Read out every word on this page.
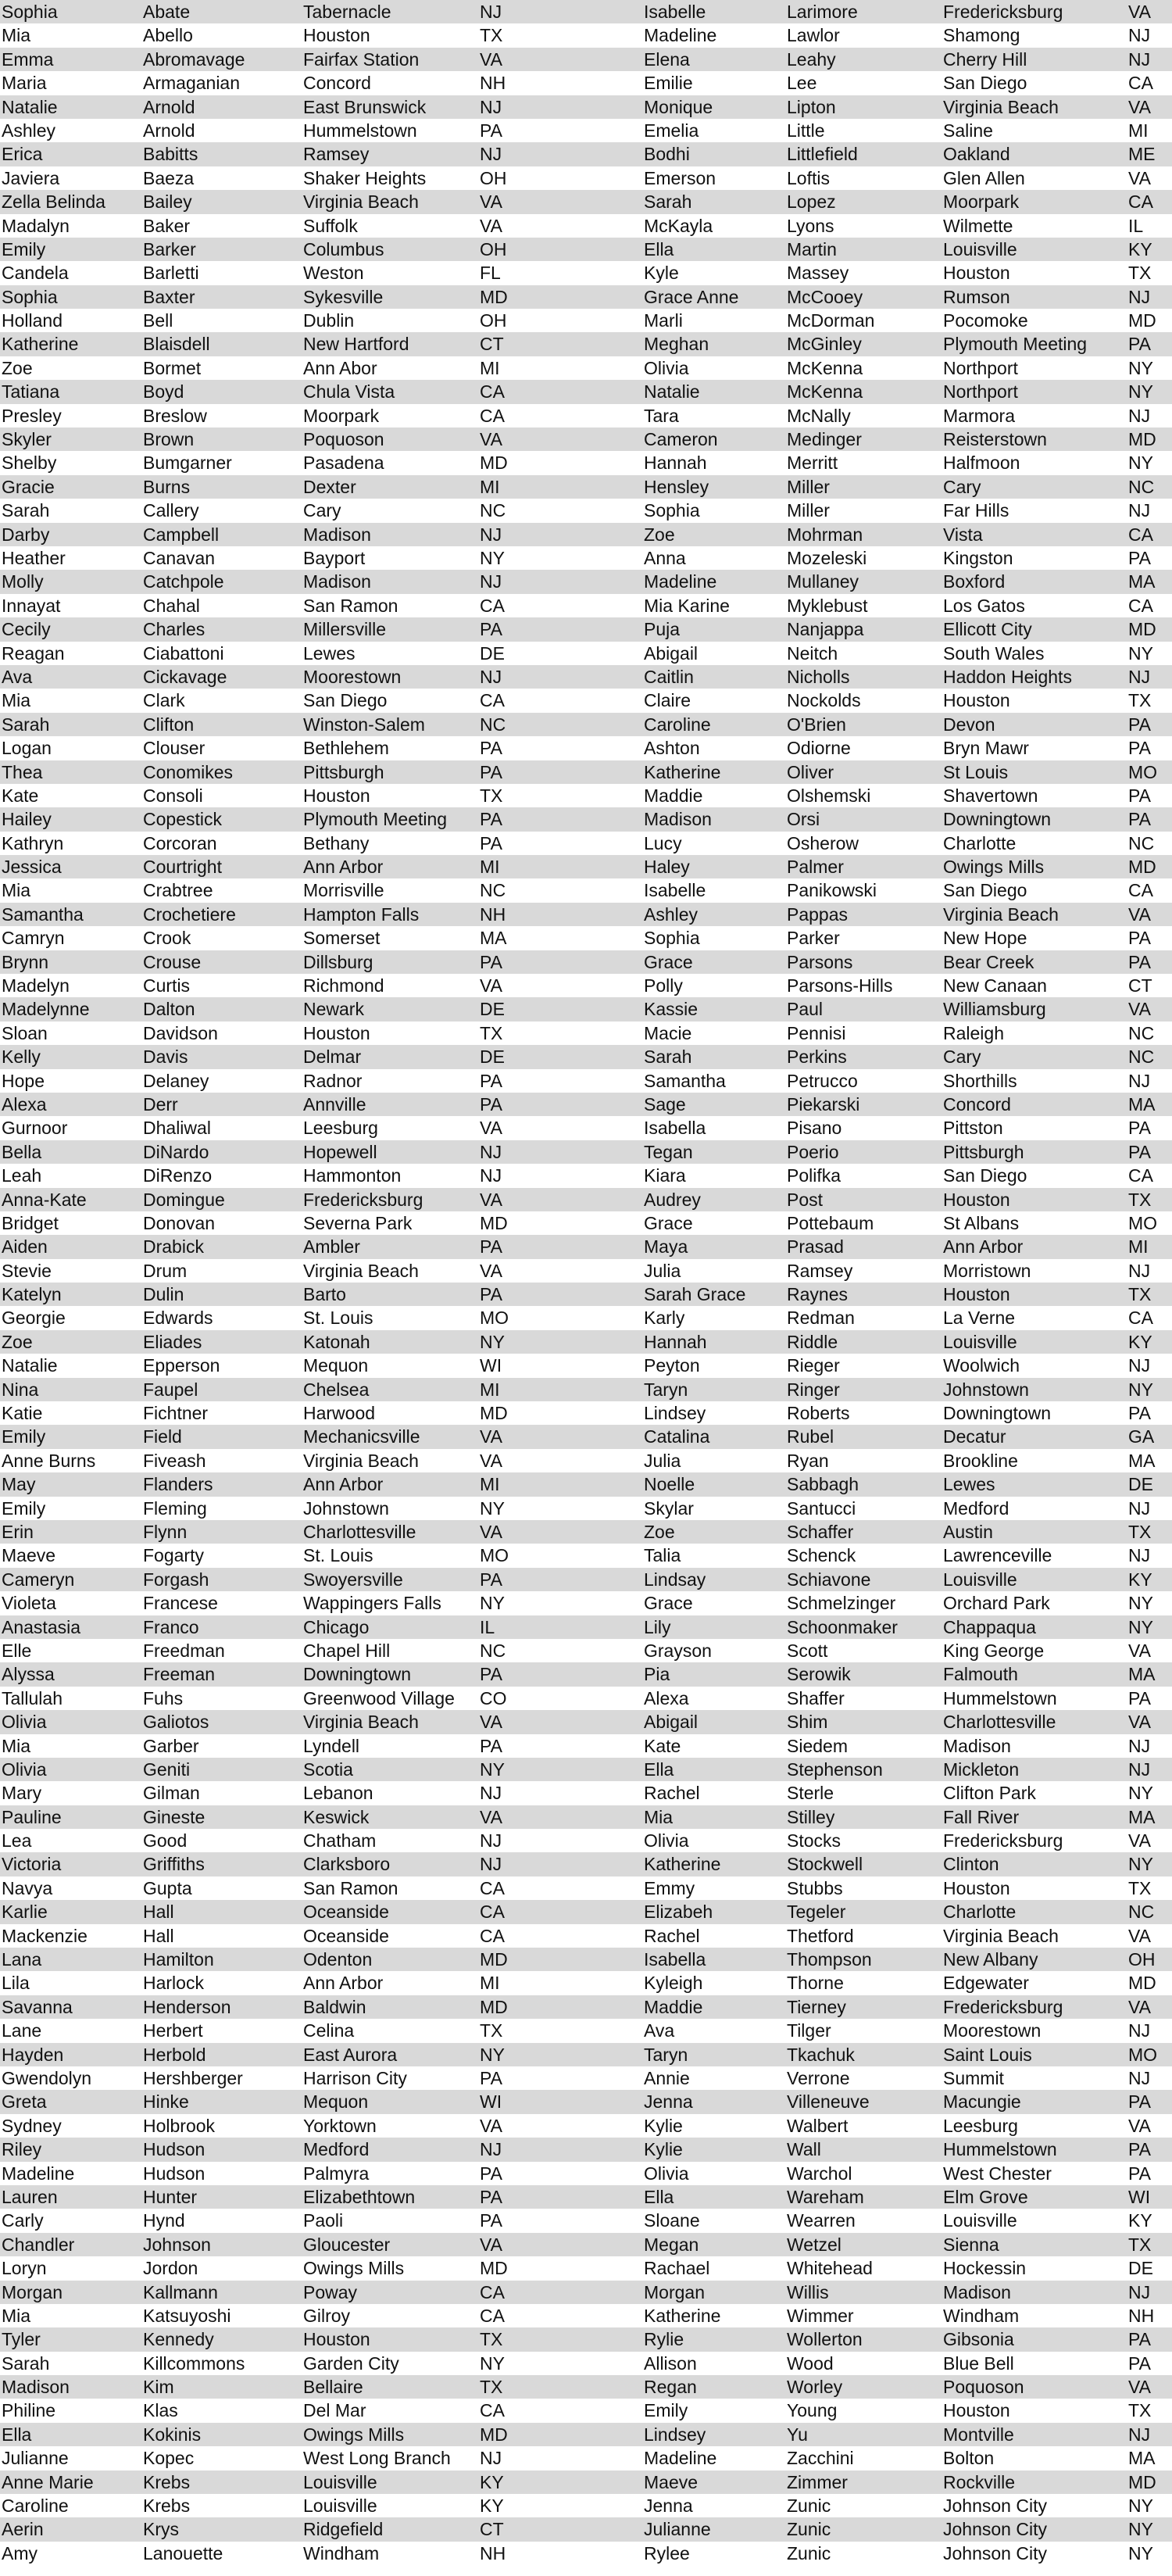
Sophia	Abate	Tabernacle	NJ
Mia	Abello	Houston	TX
Emma	Abromavage	Fairfax Station	VA
Maria	Armaganian	Concord	NH
Natalie	Arnold	East Brunswick	NJ
Ashley	Arnold	Hummelstown	PA
Erica	Babitts	Ramsey	NJ
Javiera	Baeza	Shaker Heights	OH
Zella Belinda	Bailey	Virginia Beach	VA
Madalyn	Baker	Suffolk	VA
Emily	Barker	Columbus	OH
Candela	Barletti	Weston	FL
Sophia	Baxter	Sykesville	MD
Holland	Bell	Dublin	OH
Katherine	Blaisdell	New Hartford	CT
Zoe	Bormet	Ann Abor	MI
Tatiana	Boyd	Chula Vista	CA
Presley	Breslow	Moorpark	CA
Skyler	Brown	Poquoson	VA
Shelby	Bumgarner	Pasadena	MD
Gracie	Burns	Dexter	MI
Sarah	Callery	Cary	NC
Darby	Campbell	Madison	NJ
Heather	Canavan	Bayport	NY
Molly	Catchpole	Madison	NJ
Innayat	Chahal	San Ramon	CA
Cecily	Charles	Millersville	PA
Reagan	Ciabattoni	Lewes	DE
Ava	Cickavage	Moorestown	NJ
Mia	Clark	San Diego	CA
Sarah	Clifton	Winston-Salem	NC
Logan	Clouser	Bethlehem	PA
Thea	Conomikes	Pittsburgh	PA
Kate	Consoli	Houston	TX
Hailey	Copestick	Plymouth Meeting	PA
Kathryn	Corcoran	Bethany	PA
Jessica	Courtright	Ann Arbor	MI
Mia	Crabtree	Morrisville	NC
Samantha	Crochetiere	Hampton Falls	NH
Camryn	Crook	Somerset	MA
Brynn	Crouse	Dillsburg	PA
Madelyn	Curtis	Richmond	VA
Madelynne	Dalton	Newark	DE
Sloan	Davidson	Houston	TX
Kelly	Davis	Delmar	DE
Hope	Delaney	Radnor	PA
Alexa	Derr	Annville	PA
Gurnoor	Dhaliwal	Leesburg	VA
Bella	DiNardo	Hopewell	NJ
Leah	DiRenzo	Hammonton	NJ
Anna-Kate	Domingue	Fredericksburg	VA
Bridget	Donovan	Severna Park	MD
Aiden	Drabick	Ambler	PA
Stevie	Drum	Virginia Beach	VA
Katelyn	Dulin	Barto	PA
Georgie	Edwards	St. Louis	MO
Zoe	Eliades	Katonah	NY
Natalie	Epperson	Mequon	WI
Nina	Faupel	Chelsea	MI
Katie	Fichtner	Harwood	MD
Emily	Field	Mechanicsville	VA
Anne Burns	Fiveash	Virginia Beach	VA
May	Flanders	Ann Arbor	MI
Emily	Fleming	Johnstown	NY
Erin	Flynn	Charlottesville	VA
Maeve	Fogarty	St. Louis	MO
Cameryn	Forgash	Swoyersville	PA
Violeta	Francese	Wappingers Falls	NY
Anastasia	Franco	Chicago	IL
Elle	Freedman	Chapel Hill	NC
Alyssa	Freeman	Downingtown	PA
Tallulah	Fuhs	Greenwood Village	CO
Olivia	Galiotos	Virginia Beach	VA
Mia	Garber	Lyndell	PA
Olivia	Geniti	Scotia	NY
Mary	Gilman	Lebanon	NJ
Pauline	Gineste	Keswick	VA
Lea	Good	Chatham	NJ
Victoria	Griffiths	Clarksboro	NJ
Navya	Gupta	San Ramon	CA
Karlie	Hall	Oceanside	CA
Mackenzie	Hall	Oceanside	CA
Lana	Hamilton	Odenton	MD
Lila	Harlock	Ann Arbor	MI
Savanna	Henderson	Baldwin	MD
Lane	Herbert	Celina	TX
Hayden	Herbold	East Aurora	NY
Gwendolyn	Hershberger	Harrison City	PA
Greta	Hinke	Mequon	WI
Sydney	Holbrook	Yorktown	VA
Riley	Hudson	Medford	NJ
Madeline	Hudson	Palmyra	PA
Lauren	Hunter	Elizabethtown	PA
Carly	Hynd	Paoli	PA
Chandler	Johnson	Gloucester	VA
Loryn	Jordon	Owings Mills	MD
Morgan	Kallmann	Poway	CA
Mia	Katsuyoshi	Gilroy	CA
Tyler	Kennedy	Houston	TX
Sarah	Killcommons	Garden City	NY
Madison	Kim	Bellaire	TX
Philine	Klas	Del Mar	CA
Ella	Kokinis	Owings Mills	MD
Julianne	Kopec	West Long Branch	NJ
Anne Marie	Krebs	Louisville	KY
Caroline	Krebs	Louisville	KY
Aerin	Krys	Ridgefield	CT
Amy	Lanouette	Windham	NH
Isabelle	Larimore	Fredericksburg	VA
Madeline	Lawlor	Shamong	NJ
Elena	Leahy	Cherry Hill	NJ
Emilie	Lee	San Diego	CA
Monique	Lipton	Virginia Beach	VA
Emelia	Little	Saline	MI
Bodhi	Littlefield	Oakland	ME
Emerson	Loftis	Glen Allen	VA
Sarah	Lopez	Moorpark	CA
McKayla	Lyons	Wilmette	IL
Ella	Martin	Louisville	KY
Kyle	Massey	Houston	TX
Grace Anne	McCooey	Rumson	NJ
Marli	McDorman	Pocomoke	MD
Meghan	McGinley	Plymouth Meeting	PA
Olivia	McKenna	Northport	NY
Natalie	McKenna	Northport	NY
Tara	McNally	Marmora	NJ
Cameron	Medinger	Reisterstown	MD
Hannah	Merritt	Halfmoon	NY
Hensley	Miller	Cary	NC
Sophia	Miller	Far Hills	NJ
Zoe	Mohrman	Vista	CA
Anna	Mozeleski	Kingston	PA
Madeline	Mullaney	Boxford	MA
Mia Karine	Myklebust	Los Gatos	CA
Puja	Nanjappa	Ellicott City	MD
Abigail	Neitch	South Wales	NY
Caitlin	Nicholls	Haddon Heights	NJ
Claire	Nockolds	Houston	TX
Caroline	O'Brien	Devon	PA
Ashton	Odiorne	Bryn Mawr	PA
Katherine	Oliver	St Louis	MO
Maddie	Olshemski	Shavertown	PA
Madison	Orsi	Downingtown	PA
Lucy	Osherow	Charlotte	NC
Haley	Palmer	Owings Mills	MD
Isabelle	Panikowski	San Diego	CA
Ashley	Pappas	Virginia Beach	VA
Sophia	Parker	New Hope	PA
Grace	Parsons	Bear Creek	PA
Polly	Parsons-Hills	New Canaan	CT
Kassie	Paul	Williamsburg	VA
Macie	Pennisi	Raleigh	NC
Sarah	Perkins	Cary	NC
Samantha	Petrucco	Shorthills	NJ
Sage	Piekarski	Concord	MA
Isabella	Pisano	Pittston	PA
Tegan	Poerio	Pittsburgh	PA
Kiara	Polifka	San Diego	CA
Audrey	Post	Houston	TX
Grace	Pottebaum	St Albans	MO
Maya	Prasad	Ann Arbor	MI
Julia	Ramsey	Morristown	NJ
Sarah Grace	Raynes	Houston	TX
Karly	Redman	La Verne	CA
Hannah	Riddle	Louisville	KY
Peyton	Rieger	Woolwich	NJ
Taryn	Ringer	Johnstown	NY
Lindsey	Roberts	Downingtown	PA
Catalina	Rubel	Decatur	GA
Julia	Ryan	Brookline	MA
Noelle	Sabbagh	Lewes	DE
Skylar	Santucci	Medford	NJ
Zoe	Schaffer	Austin	TX
Talia	Schenck	Lawrenceville	NJ
Lindsay	Schiavone	Louisville	KY
Grace	Schmelzinger	Orchard Park	NY
Lily	Schoonmaker	Chappaqua	NY
Grayson	Scott	King George	VA
Pia	Serowik	Falmouth	MA
Alexa	Shaffer	Hummelstown	PA
Abigail	Shim	Charlottesville	VA
Kate	Siedem	Madison	NJ
Ella	Stephenson	Mickleton	NJ
Rachel	Sterle	Clifton Park	NY
Mia	Stilley	Fall River	MA
Olivia	Stocks	Fredericksburg	VA
Katherine	Stockwell	Clinton	NY
Emmy	Stubbs	Houston	TX
Elizabeh	Tegeler	Charlotte	NC
Rachel	Thetford	Virginia Beach	VA
Isabella	Thompson	New Albany	OH
Kyleigh	Thorne	Edgewater	MD
Maddie	Tierney	Fredericksburg	VA
Ava	Tilger	Moorestown	NJ
Taryn	Tkachuk	Saint Louis	MO
Annie	Verrone	Summit	NJ
Jenna	Villeneuve	Macungie	PA
Kylie	Walbert	Leesburg	VA
Kylie	Wall	Hummelstown	PA
Olivia	Warchol	West Chester	PA
Ella	Wareham	Elm Grove	WI
Sloane	Wearren	Louisville	KY
Megan	Wetzel	Sienna	TX
Rachael	Whitehead	Hockessin	DE
Morgan	Willis	Madison	NJ
Katherine	Wimmer	Windham	NH
Rylie	Wollerton	Gibsonia	PA
Allison	Wood	Blue Bell	PA
Regan	Worley	Poquoson	VA
Emily	Young	Houston	TX
Lindsey	Yu	Montville	NJ
Madeline	Zacchini	Bolton	MA
Maeve	Zimmer	Rockville	MD
Jenna	Zunic	Johnson City	NY
Julianne	Zunic	Johnson City	NY
Rylee	Zunic	Johnson City	NY
